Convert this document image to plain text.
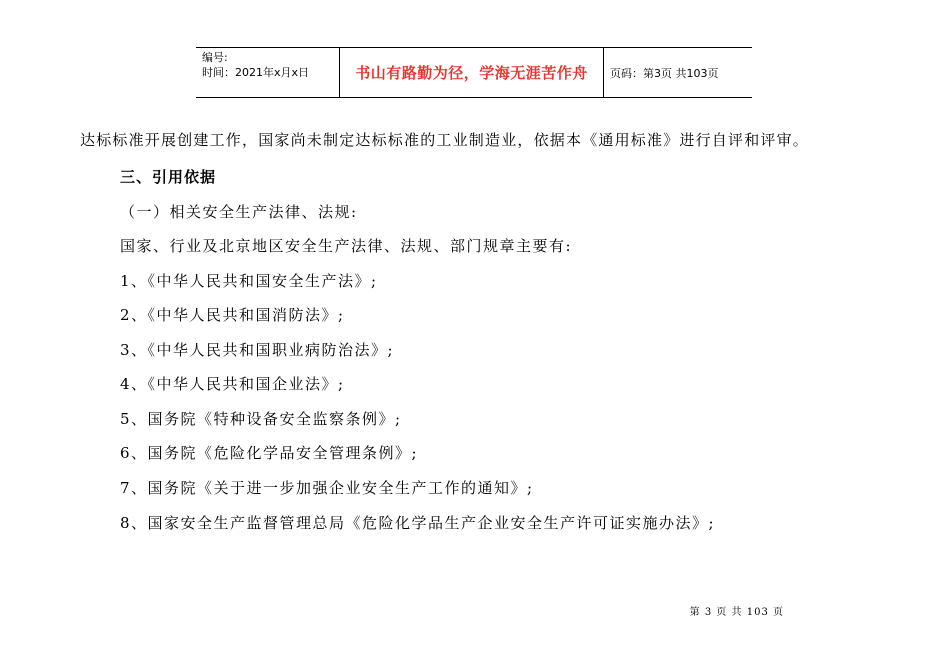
编号:
时间：2021年x月x日	书山有路勤为径，学海无涯苦作舟	页码：第3页 共103页
达标标准开展创建工作，国家尚未制定达标标准的工业制造业，依据本《通用标准》进行自评和评审。
三、引用依据
（一）相关安全生产法律、法规:
国家、行业及北京地区安全生产法律、法规、部门规章主要有:
1、《中华人民共和国安全生产法》;
2、《中华人民共和国消防法》;
3、《中华人民共和国职业病防治法》;
4、《中华人民共和国企业法》;
5、国务院《特种设备安全监察条例》;
6、国务院《危险化学品安全管理条例》;
7、国务院《关于进一步加强企业安全生产工作的通知》;
8、国家安全生产监督管理总局《危险化学品生产企业安全生产许可证实施办法》;
第 3 页 共 103 页
